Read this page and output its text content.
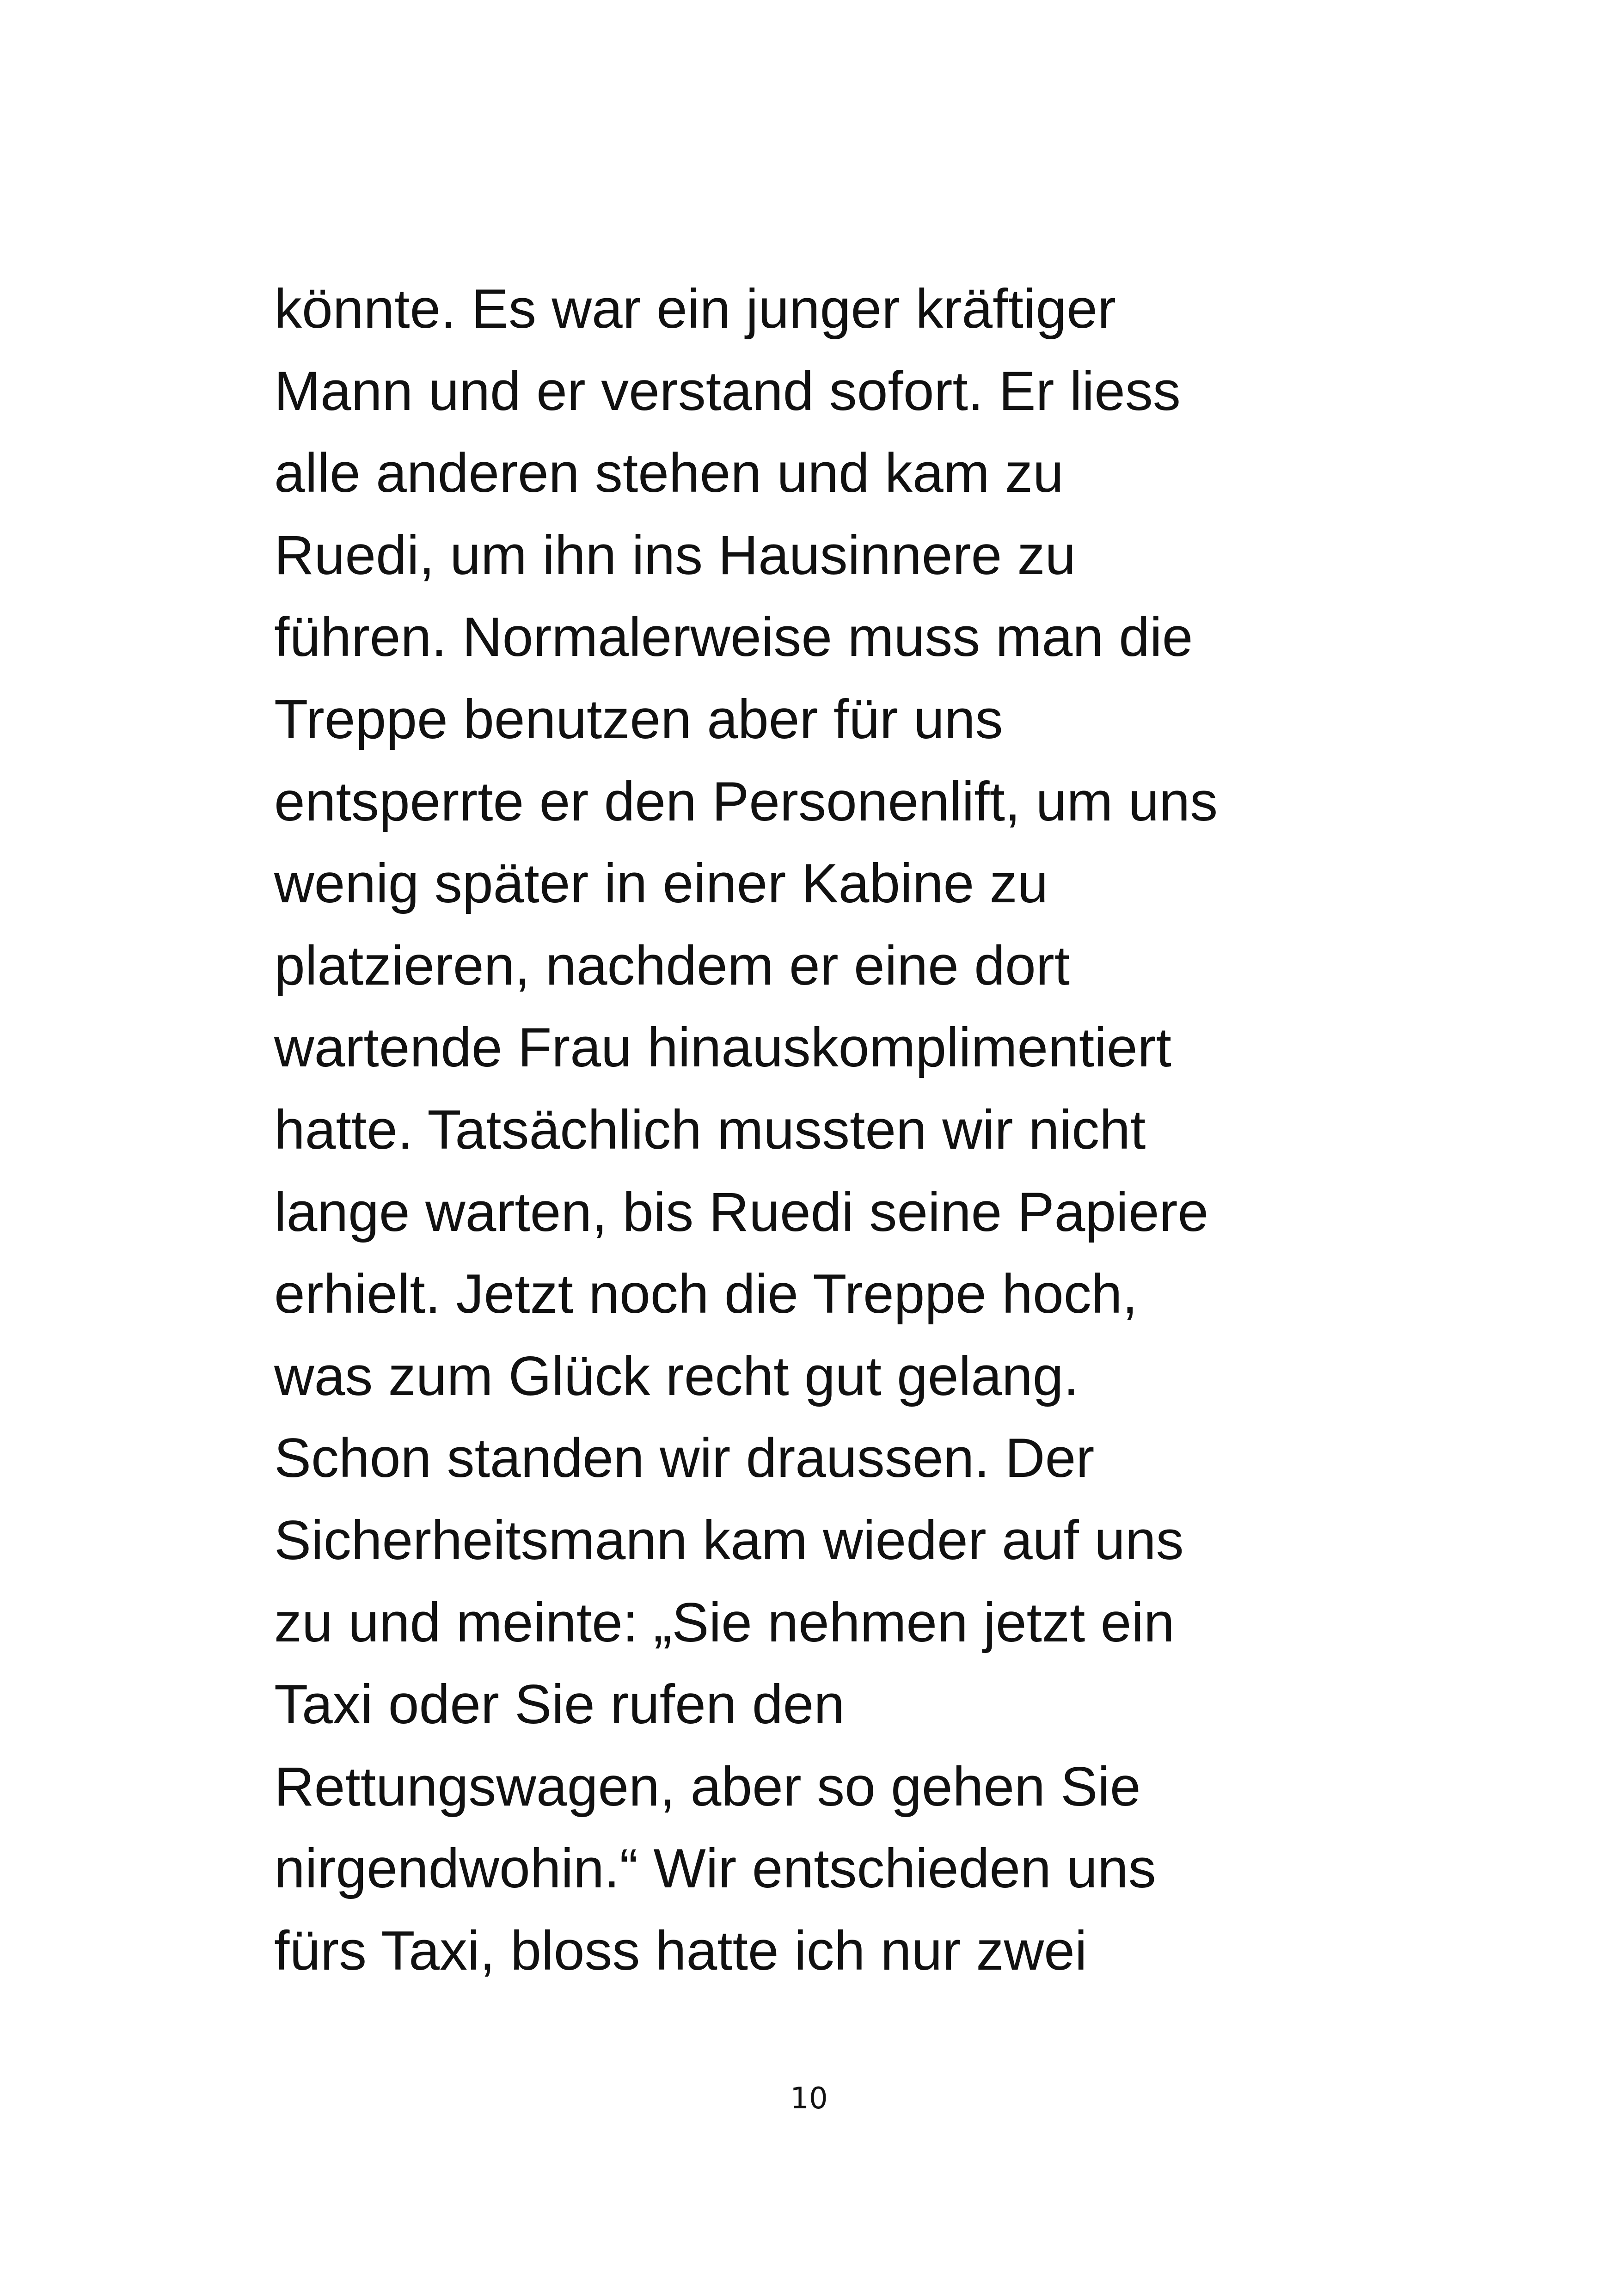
könnte. Es war ein junger kräftiger
Mann und er verstand sofort. Er liess
alle anderen stehen und kam zu
Ruedi, um ihn ins Hausinnere zu
führen. Normalerweise muss man die
Treppe benutzen aber für uns
entsperrte er den Personenlift, um uns
wenig später in einer Kabine zu
platzieren, nachdem er eine dort
wartende Frau hinauskomplimentiert
hatte. Tatsächlich mussten wir nicht
lange warten, bis Ruedi seine Papiere
erhielt. Jetzt noch die Treppe hoch,
was zum Glück recht gut gelang.
Schon standen wir draussen. Der
Sicherheitsmann kam wieder auf uns
zu und meinte: „Sie nehmen jetzt ein
Taxi oder Sie rufen den
Rettungswagen, aber so gehen Sie
nirgendwohin.“ Wir entschieden uns
fürs Taxi, bloss hatte ich nur zwei
10
